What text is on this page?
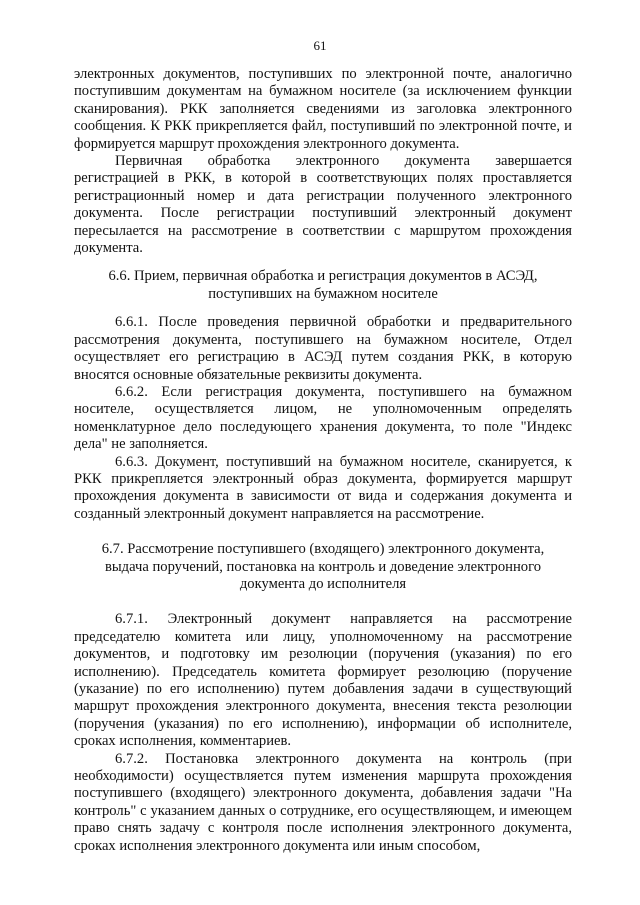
61

электронных документов, поступивших по электронной почте, аналогично поступившим документам на бумажном носителе (за исключением функции сканирования). РКК заполняется сведениями из заголовка электронного сообщения. К РКК прикрепляется файл, поступивший по электронной почте, и формируется маршрут прохождения электронного документа.

Первичная обработка электронного документа завершается регистрацией в РКК, в которой в соответствующих полях проставляется регистрационный номер и дата регистрации полученного электронного документа. После регистрации поступивший электронный документ пересылается на рассмотрение в соответствии с маршрутом прохождения документа.

6.6. Прием, первичная обработка и регистрация документов в АСЭД,
поступивших на бумажном носителе

6.6.1. После проведения первичной обработки и предварительного рассмотрения документа, поступившего на бумажном носителе, Отдел осуществляет его регистрацию в АСЭД путем создания РКК, в которую вносятся основные обязательные реквизиты документа.

6.6.2. Если регистрация документа, поступившего на бумажном носителе, осуществляется лицом, не уполномоченным определять номенклатурное дело последующего хранения документа, то поле "Индекс дела" не заполняется.

6.6.3. Документ, поступивший на бумажном носителе, сканируется, к РКК прикрепляется электронный образ документа, формируется маршрут прохождения документа в зависимости от вида и содержания документа и созданный электронный документ направляется на рассмотрение.

6.7. Рассмотрение поступившего (входящего) электронного документа,
выдача поручений, постановка на контроль и доведение электронного
документа до исполнителя

6.7.1. Электронный документ направляется на рассмотрение председателю комитета или лицу, уполномоченному на рассмотрение документов, и подготовку им резолюции (поручения (указания) по его исполнению). Председатель комитета формирует резолюцию (поручение (указание) по его исполнению) путем добавления задачи в существующий маршрут прохождения электронного документа, внесения текста резолюции (поручения (указания) по его исполнению), информации об исполнителе, сроках исполнения, комментариев.

6.7.2. Постановка электронного документа на контроль (при необходимости) осуществляется путем изменения маршрута прохождения поступившего (входящего) электронного документа, добавления задачи "На контроль" с указанием данных о сотруднике, его осуществляющем, и имеющем право снять задачу с контроля после исполнения электронного документа, сроках исполнения электронного документа или иным способом,
